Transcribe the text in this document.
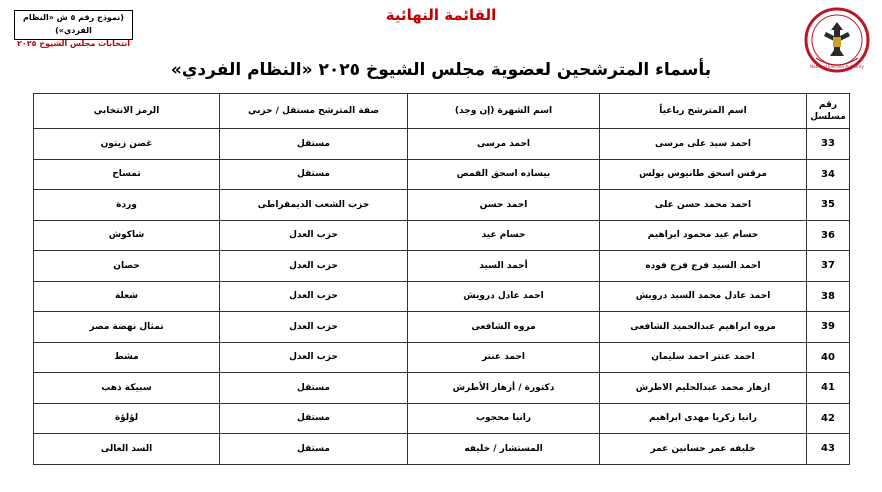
National Election Authority
(نموذج رقم ٥ ش «النظام الفردي»)
انتخابات مجلس الشيوخ ٢٠٢٥
القائمة النهائية
بأسماء المترشحين لعضوية مجلس الشيوخ ٢٠٢٥ «النظام الفردي»
رقم مسلسل	اسم المترشح رباعياً	اسم الشهرة (إن وجد)	صفة المترشح مستقل / حزبي	الرمز الانتخابي
33	احمد سيد على مرسى	احمد مرسى	مستقل	غصن زيتون
34	مرقس اسحق طانيوس بولس	بيساده اسحق القمص	مستقل	تمساح
35	احمد محمد حسن على	احمد حسن	حزب الشعب الديمقراطى	وردة
36	حسام عيد محمود ابراهيم	حسام عيد	حزب العدل	شاكوش
37	احمد السيد فرج فرج فوده	أحمد السيد	حزب العدل	حصان
38	احمد عادل محمد السيد درويش	احمد عادل درويش	حزب العدل	شعلة
39	مروه ابراهيم عبدالحميد الشافعى	مروه الشافعى	حزب العدل	تمثال نهضة مصر
40	احمد عنتر احمد سليمان	احمد عنتر	حزب العدل	مشط
41	ازهار محمد عبدالحليم الاطرش	دكتورة / أزهار الأطرش	مستقل	سبيكة ذهب
42	رانيا زكريا مهدى ابراهيم	رانيا محجوب	مستقل	لؤلؤة
43	خليفه عمر حسانين عمر	المستشار / خليفه	مستقل	السد العالى
